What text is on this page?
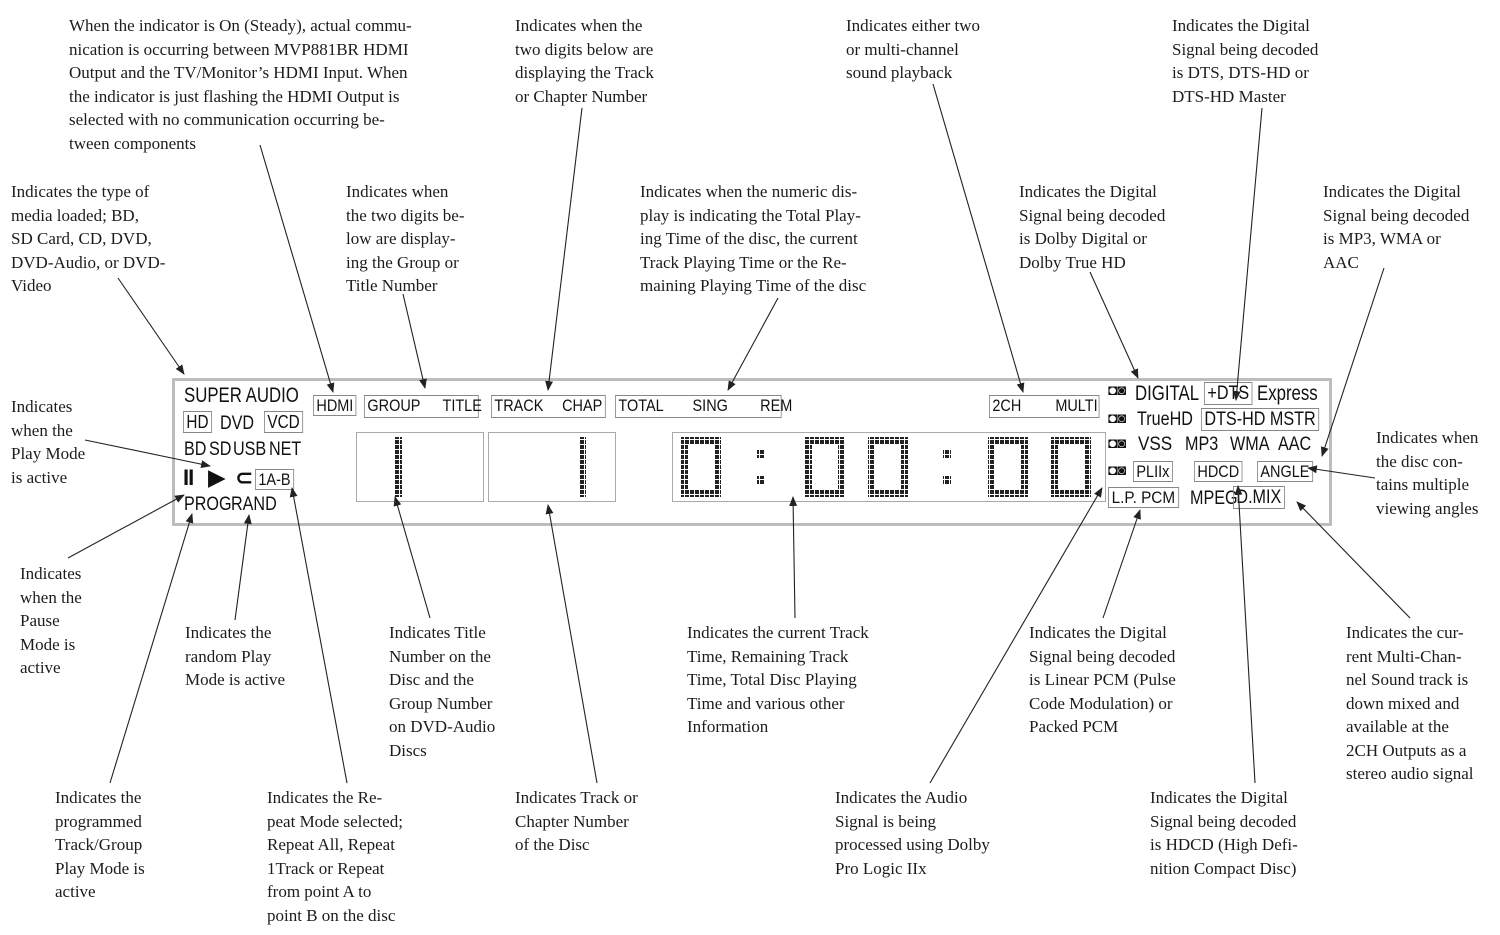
When the indicator is On (Steady), actual commu-
nication is occurring between MVP881BR HDMI
Output and the TV/Monitor’s HDMI Input. When
the indicator is just flashing the HDMI Output is
selected with no communication occurring be-
tween components
Indicates when the
two digits below are
displaying the Track
or Chapter Number
Indicates either two
or multi-channel
sound playback
Indicates the Digital
Signal being decoded
is DTS, DTS-HD or
DTS-HD Master
Indicates the type of
media loaded; BD,
SD Card, CD, DVD,
DVD-Audio, or DVD-
Video
Indicates when
the two digits be-
low are display-
ing the Group or
Title Number
Indicates when the numeric dis-
play is indicating the Total Play-
ing Time of the disc, the current
Track Playing Time or the Re-
maining Playing Time of the disc
Indicates the Digital
Signal being decoded
is Dolby Digital or
Dolby True HD
Indicates the Digital
Signal being decoded
is MP3, WMA or
AAC
Indicates
when the
Play Mode
is active
Indicates when
the disc con-
tains multiple
viewing angles
Indicates
when the
Pause
Mode is
active
Indicates the
random Play
Mode is active
Indicates Title
Number on the
Disc and the
Group Number
on DVD-Audio
Discs
Indicates the current Track
Time, Remaining Track
Time, Total Disc Playing
Time and various other
Information
Indicates the Digital
Signal being decoded
is Linear PCM (Pulse
Code Modulation) or
Packed PCM
Indicates the cur-
rent Multi-Chan-
nel Sound track is
down mixed and
available at the
2CH Outputs as a
stereo audio signal
Indicates the
programmed
Track/Group
Play Mode is
active
Indicates the Re-
peat Mode selected;
Repeat All, Repeat
1Track or Repeat
from point A to
point B on the disc
Indicates Track or
Chapter Number
of the Disc
Indicates the Audio
Signal is being
processed using Dolby
Pro Logic IIx
Indicates the Digital
Signal being decoded
is HDCD (High Defi-
nition Compact Disc)
SUPER AUDIO
HD DVD VCD
BD SD USB NET
II ▶ ⊂ 1A-B
PROG RAND
HDMI GROUP TITLE TRACK CHAP TOTAL SING REM	2CH MULTI
◘◙ DIGITAL +DTS Express
◘◙ TrueHD DTS-HD MSTR
◘◙ VSS MP3 WMA AAC
◘◙ PLIIx HDCD ANGLE
L.P. PCM MPEG
D.MIX
